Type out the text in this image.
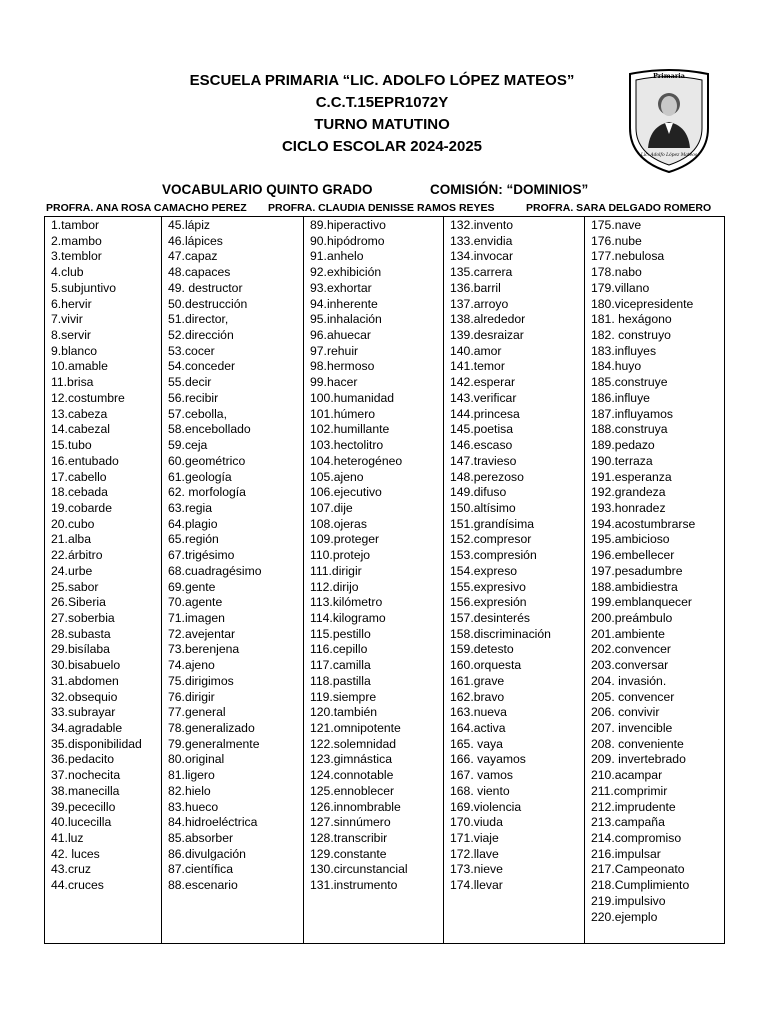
ESCUELA PRIMARIA “LIC. ADOLFO LÓPEZ MATEOS”
C.C.T.15EPR1072Y
TURNO MATUTINO
CICLO ESCOLAR 2024-2025
Primaria
Lic. Adolfo López Mateos
VOCABULARIO QUINTO GRADO	COMISIÓN: “DOMINIOS”
PROFRA. ANA ROSA CAMACHO PEREZ PROFRA. CLAUDIA DENISSE RAMOS REYES	PROFRA. SARA DELGADO ROMERO
1.tambor
2.mambo
3.temblor
4.club
5.subjuntivo
6.hervir
7.vivir
8.servir
9.blanco
10.amable
11.brisa
12.costumbre
13.cabeza
14.cabezal
15.tubo
16.entubado
17.cabello
18.cebada
19.cobarde
20.cubo
21.alba
22.árbitro
24.urbe
25.sabor
26.Siberia
27.soberbia
28.subasta
29.bisílaba
30.bisabuelo
31.abdomen
32.obsequio
33.subrayar
34.agradable
35.disponibilidad
36.pedacito
37.nochecita
38.manecilla
39.pececillo
40.lucecilla
41.luz
42. luces
43.cruz
44.cruces
45.lápiz
46.lápices
47.capaz
48.capaces
49. destructor
50.destrucción
51.director,
52.dirección
53.cocer
54.conceder
55.decir
56.recibir
57.cebolla,
58.encebollado
59.ceja
60.geométrico
61.geología
62. morfología
63.regia
64.plagio
65.región
67.trigésimo
68.cuadragésimo
69.gente
70.agente
71.imagen
72.avejentar
73.berenjena
74.ajeno
75.dirigimos
76.dirigir
77.general
78.generalizado
79.generalmente
80.original
81.ligero
82.hielo
83.hueco
84.hidroeléctrica
85.absorber
86.divulgación
87.científica
88.escenario
89.hiperactivo
90.hipódromo
91.anhelo
92.exhibición
93.exhortar
94.inherente
95.inhalación
96.ahuecar
97.rehuir
98.hermoso
99.hacer
100.humanidad
101.húmero
102.humillante
103.hectolitro
104.heterogéneo
105.ajeno
106.ejecutivo
107.dije
108.ojeras
109.proteger
110.protejo
111.dirigir
112.dirijo
113.kilómetro
114.kilogramo
115.pestillo
116.cepillo
117.camilla
118.pastilla
119.siempre
120.también
121.omnipotente
122.solemnidad
123.gimnástica
124.connotable
125.ennoblecer
126.innombrable
127.sinnúmero
128.transcribir
129.constante
130.circunstancial
131.instrumento
132.invento
133.envidia
134.invocar
135.carrera
136.barril
137.arroyo
138.alrededor
139.desraizar
140.amor
141.temor
142.esperar
143.verificar
144.princesa
145.poetisa
146.escaso
147.travieso
148.perezoso
149.difuso
150.altísimo
151.grandísima
152.compresor
153.compresión
154.expreso
155.expresivo
156.expresión
157.desinterés
158.discriminación
159.detesto
160.orquesta
161.grave
162.bravo
163.nueva
164.activa
165. vaya
166. vayamos
167. vamos
168. viento
169.violencia
170.viuda
171.viaje
172.llave
173.nieve
174.llevar
175.nave
176.nube
177.nebulosa
178.nabo
179.villano
180.vicepresidente
181. hexágono
182. construyo
183.influyes
184.huyo
185.construye
186.influye
187.influyamos
188.construya
189.pedazo
190.terraza
191.esperanza
192.grandeza
193.honradez
194.acostumbrarse
195.ambicioso
196.embellecer
197.pesadumbre
188.ambidiestra
199.emblanquecer
200.preámbulo
201.ambiente
202.convencer
203.conversar
204. invasión.
205. convencer
206. convivir
207. invencible
208. conveniente
209. invertebrado
210.acampar
211.comprimir
212.imprudente
213.campaña
214.compromiso
216.impulsar
217.Campeonato
218.Cumplimiento
219.impulsivo
220.ejemplo
